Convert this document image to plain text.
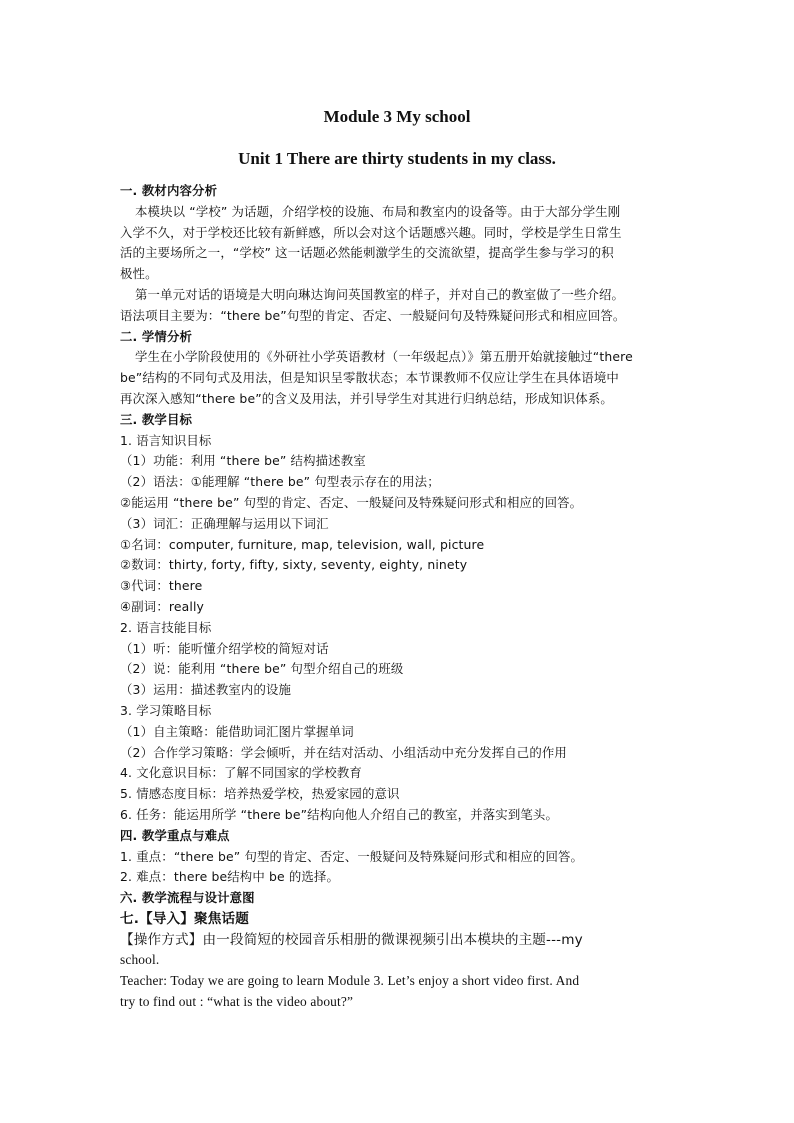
Module 3 My school
Unit 1 There are thirty students in my class.
一. 教材内容分析
本模块以 “学校” 为话题，介绍学校的设施、布局和教室内的设备等。由于大部分学生刚
入学不久，对于学校还比较有新鲜感，所以会对这个话题感兴趣。同时，学校是学生日常生
活的主要场所之一，“学校” 这一话题必然能刺激学生的交流欲望，提高学生参与学习的积
极性。
第一单元对话的语境是大明向琳达询问英国教室的样子，并对自己的教室做了一些介绍。
语法项目主要为：“there be”句型的肯定、否定、一般疑问句及特殊疑问形式和相应回答。
二. 学情分析
学生在小学阶段使用的《外研社小学英语教材（一年级起点）》第五册开始就接触过“there
be”结构的不同句式及用法，但是知识呈零散状态；本节课教师不仅应让学生在具体语境中
再次深入感知“there be”的含义及用法，并引导学生对其进行归纳总结，形成知识体系。
三. 教学目标
1. 语言知识目标
（1）功能：利用 “there be” 结构描述教室
（2）语法：①能理解 “there be” 句型表示存在的用法；
②能运用 “there be” 句型的肯定、否定、一般疑问及特殊疑问形式和相应的回答。
（3）词汇：正确理解与运用以下词汇
①名词：computer, furniture, map, television, wall, picture
②数词：thirty, forty, fifty, sixty, seventy, eighty, ninety
③代词：there
④副词：really
2. 语言技能目标
（1）听：能听懂介绍学校的简短对话
（2）说：能利用 “there be” 句型介绍自己的班级
（3）运用：描述教室内的设施
3. 学习策略目标
（1）自主策略：能借助词汇图片掌握单词
（2）合作学习策略：学会倾听，并在结对活动、小组活动中充分发挥自己的作用
4. 文化意识目标：了解不同国家的学校教育
5. 情感态度目标：培养热爱学校，热爱家园的意识
6. 任务：能运用所学 “there be”结构向他人介绍自己的教室，并落实到笔头。
四. 教学重点与难点
1. 重点：“there be” 句型的肯定、否定、一般疑问及特殊疑问形式和相应的回答。
2. 难点：there be结构中 be 的选择。
六. 教学流程与设计意图
七.【导入】聚焦话题
【操作方式】由一段简短的校园音乐相册的微课视频引出本模块的主题---my
school.
Teacher: Today we are going to learn Module 3. Let’s enjoy a short video first. And
try to find out : “what is the video about?”
